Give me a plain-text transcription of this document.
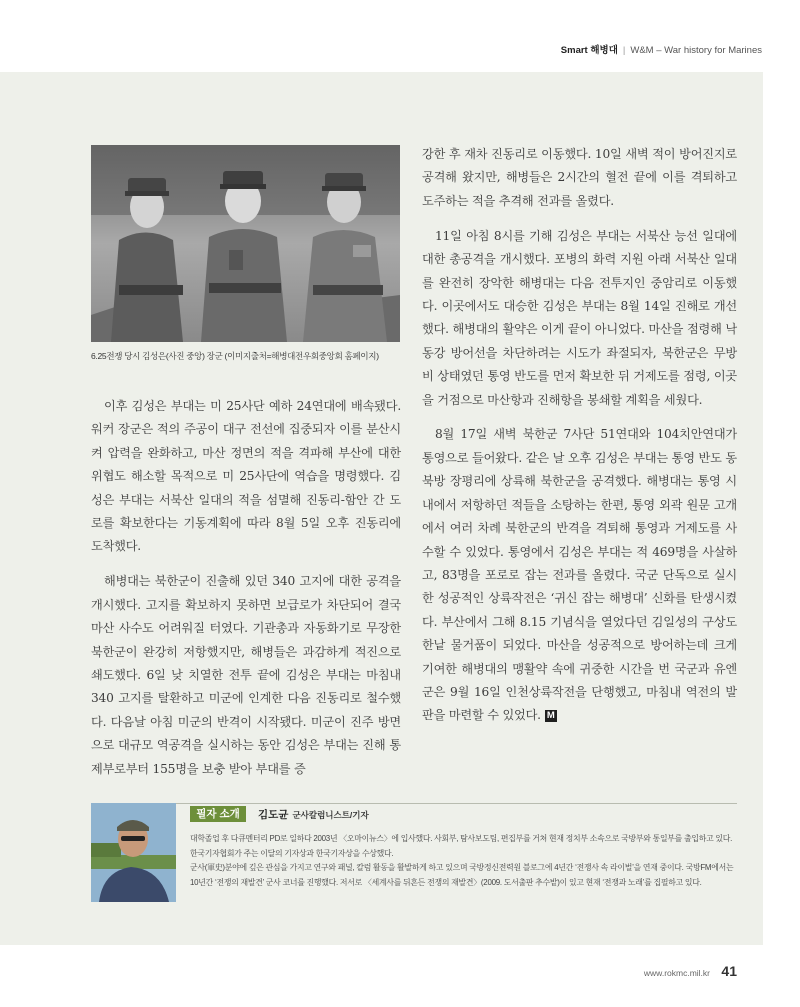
Smart 해병대 | W&M – War history for Marines
6.25전쟁 당시 김성은(사진 중앙) 장군 (이미지출처=해병대전우회중앙회 홈페이지)

이후 김성은 부대는 미 25사단 예하 24연대에 배속됐다. 워커 장군은 적의 주공이 대구 전선에 집중되자 이를 분산시켜 압력을 완화하고, 마산 정면의 적을 격파해 부산에 대한 위협도 해소할 목적으로 미 25사단에 역습을 명령했다. 김성은 부대는 서북산 일대의 적을 섬멸해 진동리-함안 간 도로를 확보한다는 기동계획에 따라 8월 5일 오후 진동리에 도착했다.

해병대는 북한군이 진출해 있던 340 고지에 대한 공격을 개시했다. 고지를 확보하지 못하면 보급로가 차단되어 결국 마산 사수도 어려워질 터였다. 기관총과 자동화기로 무장한 북한군이 완강히 저항했지만, 해병들은 과감하게 적진으로 쇄도했다. 6일 낮 치열한 전투 끝에 김성은 부대는 마침내 340 고지를 탈환하고 미군에 인계한 다음 진동리로 철수했다. 다음날 아침 미군의 반격이 시작됐다. 미군이 진주 방면으로 대규모 역공격을 실시하는 동안 김성은 부대는 진해 통제부로부터 155명을 보충 받아 부대를 증

강한 후 재차 진동리로 이동했다. 10일 새벽 적이 방어진지로 공격해 왔지만, 해병들은 2시간의 혈전 끝에 이를 격퇴하고 도주하는 적을 추격해 전과를 올렸다.

11일 아침 8시를 기해 김성은 부대는 서북산 능선 일대에 대한 총공격을 개시했다. 포병의 화력 지원 아래 서북산 일대를 완전히 장악한 해병대는 다음 전투지인 중암리로 이동했다. 이곳에서도 대승한 김성은 부대는 8월 14일 진해로 개선했다. 해병대의 활약은 이게 끝이 아니었다. 마산을 점령해 낙동강 방어선을 차단하려는 시도가 좌절되자, 북한군은 무방비 상태였던 통영 반도를 먼저 확보한 뒤 거제도를 점령, 이곳을 거점으로 마산항과 진해항을 봉쇄할 계획을 세웠다.

8월 17일 새벽 북한군 7사단 51연대와 104치안연대가 통영으로 들어왔다. 같은 날 오후 김성은 부대는 통영 반도 동북방 장평리에 상륙해 북한군을 공격했다. 해병대는 통영 시내에서 저항하던 적들을 소탕하는 한편, 통영 외곽 원문 고개에서 여러 차례 북한군의 반격을 격퇴해 통영과 거제도를 사수할 수 있었다. 통영에서 김성은 부대는 적 469명을 사살하고, 83명을 포로로 잡는 전과를 올렸다. 국군 단독으로 실시한 성공적인 상륙작전은 ‘귀신 잡는 해병대’ 신화를 탄생시켰다. 부산에서 그해 8.15 기념식을 열었다던 김일성의 구상도 한낱 물거품이 되었다. 마산을 성공적으로 방어하는데 크게 기여한 해병대의 맹활약 속에 귀중한 시간을 번 국군과 유엔군은 9월 16일 인천상륙작전을 단행했고, 마침내 역전의 발판을 마련할 수 있었다. M

필자 소개	김도균 군사칼럼니스트/기자

대학졸업 후 다큐멘터리 PD로 일하다 2003년 〈오마이뉴스〉에 입사했다. 사회부, 탐사보도팀, 편집부를 거쳐 현재 정치부 소속으로 국방부와 통일부를 출입하고 있다. 한국기자협회가 주는 이달의 기자상과 한국기자상을 수상했다.

군사(軍史)분야에 깊은 관심을 가지고 연구와 패널, 칼럼 활동을 활발하게 하고 있으며 국방정신전력원 블로그에 4년간 ‘전쟁사 속 라이벌’을 연재 중이다. 국방FM에서는 10년간 ‘전쟁의 재발견’ 군사 코너를 진행했다. 저서로 〈세계사를 뒤흔든 전쟁의 재발견〉(2009. 도서출판 추수밭)이 있고 현재 ‘전쟁과 노래’를 집필하고 있다.

www.rokmc.mil.kr 41
